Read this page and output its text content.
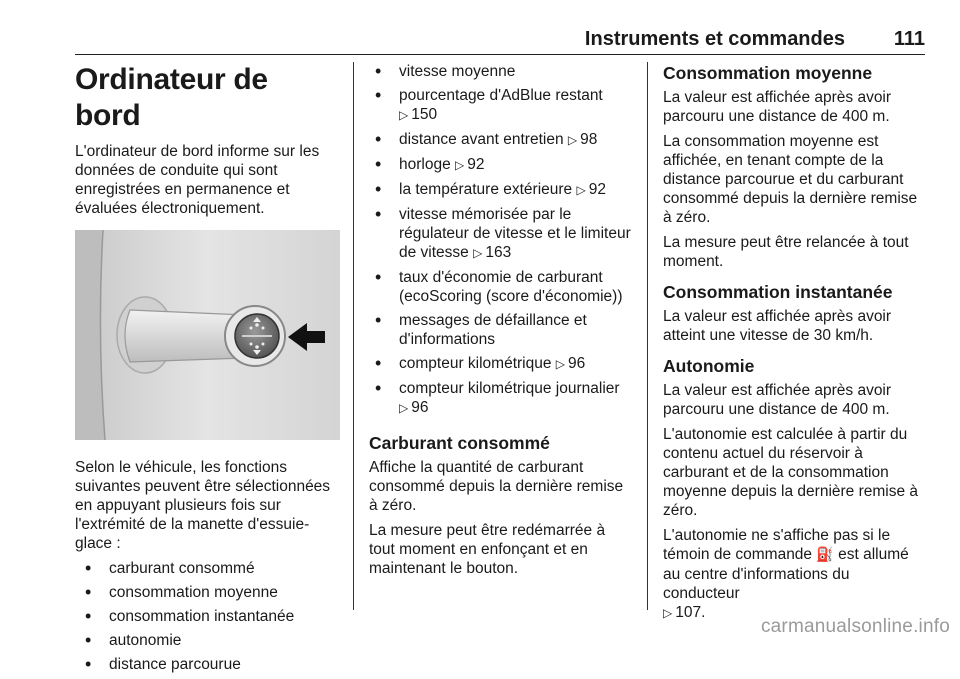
Instruments et commandes 111
Ordinateur de bord

L'ordinateur de bord informe sur les données de conduite qui sont enregistrées en permanence et évaluées électroniquement.

Selon le véhicule, les fonctions suivantes peuvent être sélectionnées en appuyant plusieurs fois sur l'extrémité de la manette d'essuie-glace :

• carburant consommé
• consommation moyenne
• consommation instantanée
• autonomie
• distance parcourue
• vitesse moyenne
• pourcentage d'AdBlue restant
▷ 150
• distance avant entretien ▷ 98
• horloge ▷ 92
• la température extérieure ▷ 92
• vitesse mémorisée par le régulateur de vitesse et le limiteur de vitesse ▷ 163
• taux d'économie de carburant (ecoScoring (score d'économie))
• messages de défaillance et d'informations
• compteur kilométrique ▷ 96
• compteur kilométrique journalier
▷ 96
Carburant consommé

Affiche la quantité de carburant consommé depuis la dernière remise à zéro.

La mesure peut être redémarrée à tout moment en enfonçant et en maintenant le bouton.

Consommation moyenne

La valeur est affichée après avoir parcouru une distance de 400 m.

La consommation moyenne est affichée, en tenant compte de la distance parcourue et du carburant consommé depuis la dernière remise à zéro.

La mesure peut être relancée à tout moment.

Consommation instantanée

La valeur est affichée après avoir atteint une vitesse de 30 km/h.

Autonomie

La valeur est affichée après avoir parcouru une distance de 400 m.

L'autonomie est calculée à partir du contenu actuel du réservoir à carburant et de la consommation moyenne depuis la dernière remise à zéro.

L'autonomie ne s'affiche pas si le témoin de commande ⛽ est allumé au centre d'informations du conducteur
▷ 107.

carmanualsonline.info
